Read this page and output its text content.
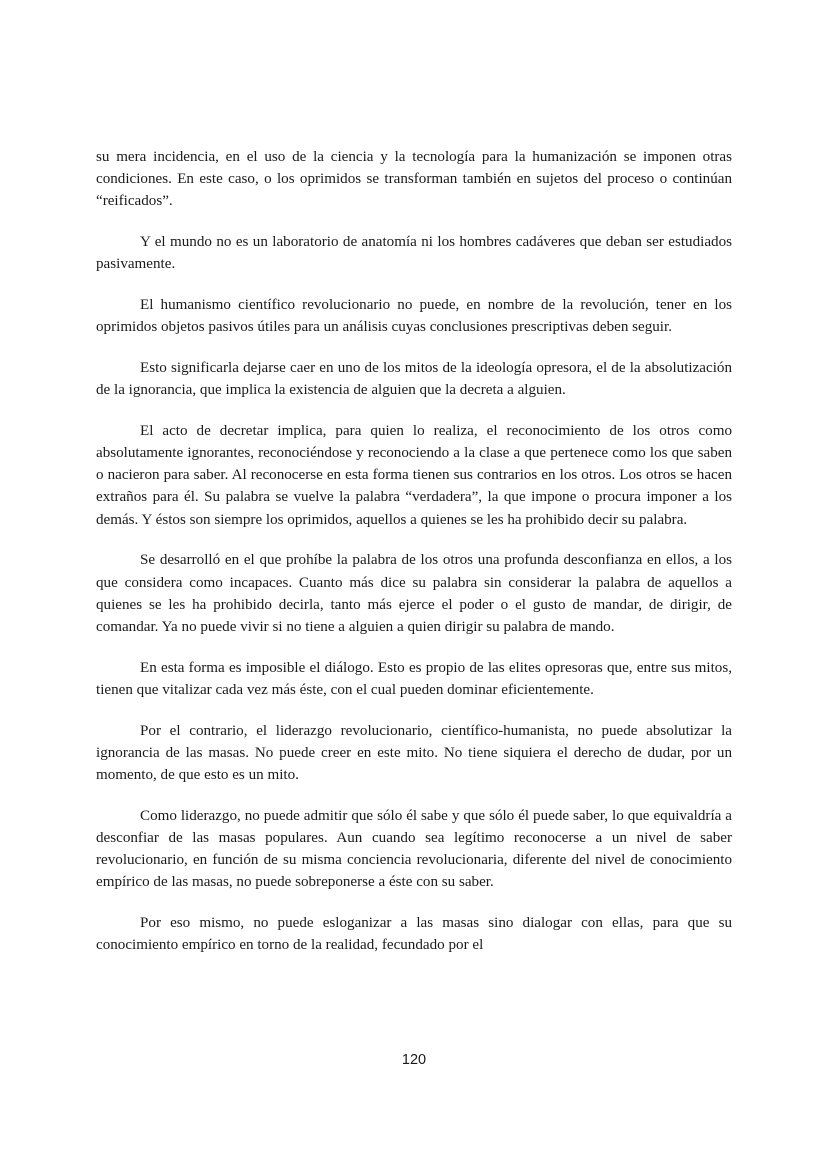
su mera incidencia, en el uso de la ciencia y la tecnología para la humanización se imponen otras condiciones. En este caso, o los oprimidos se transforman también en sujetos del proceso o continúan “reificados”.

Y el mundo no es un laboratorio de anatomía ni los hombres cadáveres que deban ser estudiados pasivamente.

El humanismo científico revolucionario no puede, en nombre de la revolución, tener en los oprimidos objetos pasivos útiles para un análisis cuyas conclusiones prescriptivas deben seguir.

Esto significarla dejarse caer en uno de los mitos de la ideología opresora, el de la absolutización de la ignorancia, que implica la existencia de alguien que la decreta a alguien.

El acto de decretar implica, para quien lo realiza, el reconocimiento de los otros como absolutamente ignorantes, reconociéndose y reconociendo a la clase a que pertenece como los que saben o nacieron para saber. Al reconocerse en esta forma tienen sus contrarios en los otros. Los otros se hacen extraños para él. Su palabra se vuelve la palabra “verdadera”, la que impone o procura imponer a los demás. Y éstos son siempre los oprimidos, aquellos a quienes se les ha prohibido decir su palabra.

Se desarrolló en el que prohíbe la palabra de los otros una profunda desconfianza en ellos, a los que considera como incapaces. Cuanto más dice su palabra sin considerar la palabra de aquellos a quienes se les ha prohibido decirla, tanto más ejerce el poder o el gusto de mandar, de dirigir, de comandar. Ya no puede vivir si no tiene a alguien a quien dirigir su palabra de mando.

En esta forma es imposible el diálogo. Esto es propio de las elites opresoras que, entre sus mitos, tienen que vitalizar cada vez más éste, con el cual pueden dominar eficientemente.

Por el contrario, el liderazgo revolucionario, científico-humanista, no puede absolutizar la ignorancia de las masas. No puede creer en este mito. No tiene siquiera el derecho de dudar, por un momento, de que esto es un mito.

Como liderazgo, no puede admitir que sólo él sabe y que sólo él puede saber, lo que equivaldría a desconfiar de las masas populares. Aun cuando sea legítimo reconocerse a un nivel de saber revolucionario, en función de su misma conciencia revolucionaria, diferente del nivel de conocimiento empírico de las masas, no puede sobreponerse a éste con su saber.

Por eso mismo, no puede esloganizar a las masas sino dialogar con ellas, para que su conocimiento empírico en torno de la realidad, fecundado por el

120
